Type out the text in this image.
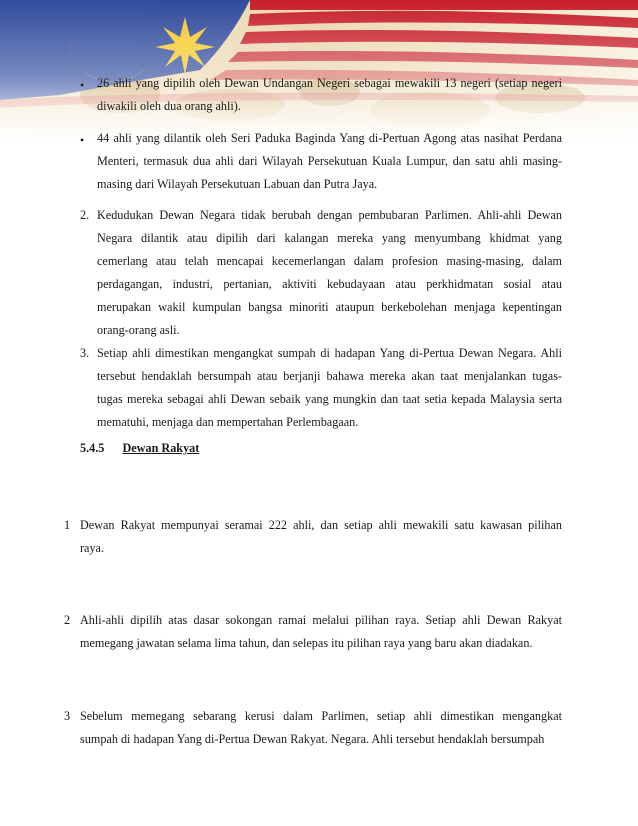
• 26 ahli yang dipilih oleh Dewan Undangan Negeri sebagai mewakili 13 negeri (setiap negeri
diwakili oleh dua orang ahli).
• 44 ahli yang dilantik oleh Seri Paduka Baginda Yang di-Pertuan Agong atas nasihat Perdana
Menteri, termasuk dua ahli dari Wilayah Persekutuan Kuala Lumpur, dan satu ahli masing-
masing dari Wilayah Persekutuan Labuan dan Putra Jaya.
2. Kedudukan Dewan Negara tidak berubah dengan pembubaran Parlimen. Ahli-ahli Dewan
Negara dilantik atau dipilih dari kalangan mereka yang menyumbang khidmat yang
cemerlang atau telah mencapai kecemerlangan dalam profesion masing-masing, dalam
perdagangan, industri, pertanian, aktiviti kebudayaan atau perkhidmatan sosial atau
merupakan wakil kumpulan bangsa minoriti ataupun berkebolehan menjaga kepentingan
orang-orang asli.
3. Setiap ahli dimestikan mengangkat sumpah di hadapan Yang di-Pertua Dewan Negara. Ahli
tersebut hendaklah bersumpah atau berjanji bahawa mereka akan taat menjalankan tugas-
tugas mereka sebagai ahli Dewan sebaik yang mungkin dan taat setia kepada Malaysia serta
mematuhi, menjaga dan mempertahan Perlembagaan.
5.4.5 Dewan Rakyat
1 Dewan Rakyat mempunyai seramai 222 ahli, dan setiap ahli mewakili satu kawasan pilihan
raya.
2 Ahli-ahli dipilih atas dasar sokongan ramai melalui pilihan raya. Setiap ahli Dewan Rakyat
memegang jawatan selama lima tahun, dan selepas itu pilihan raya yang baru akan diadakan.
3 Sebelum memegang sebarang kerusi dalam Parlimen, setiap ahli dimestikan mengangkat
sumpah di hadapan Yang di-Pertua Dewan Rakyat. Negara. Ahli tersebut hendaklah bersumpah
